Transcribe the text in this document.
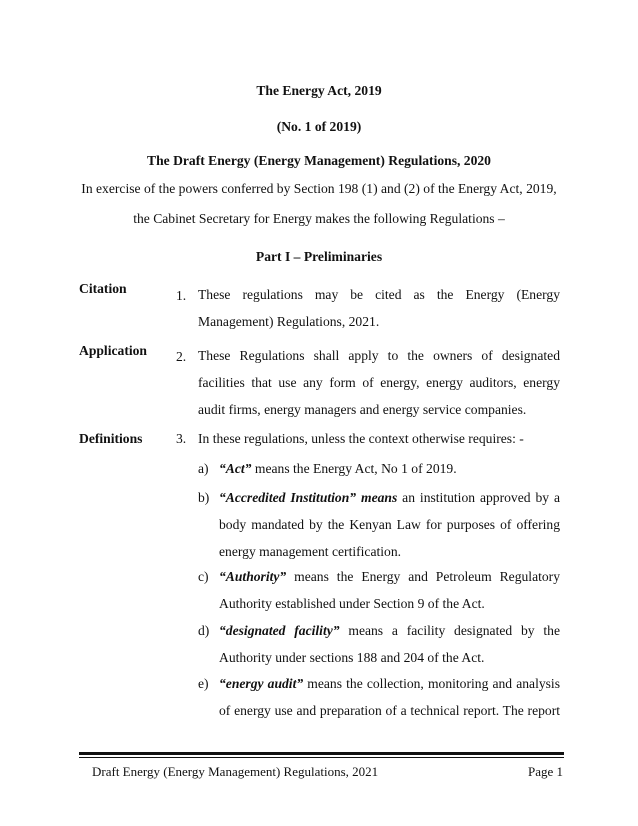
The Energy Act, 2019
(No. 1 of 2019)
The Draft Energy (Energy Management) Regulations, 2020
In exercise of the powers conferred by Section 198 (1) and (2) of the Energy Act, 2019,
the Cabinet Secretary for Energy makes the following Regulations –
Part I – Preliminaries
Citation	1. These regulations may be cited as the Energy (Energy Management) Regulations, 2021.
Application 2. These Regulations shall apply to the owners of designated facilities that use any form of energy, energy auditors, energy audit firms, energy managers and energy service companies.
Definitions 3. In these regulations, unless the context otherwise requires: -
a) “Act” means the Energy Act, No 1 of 2019.
b) “Accredited Institution” means an institution approved by a body mandated by the Kenyan Law for purposes of offering energy management certification.
c) “Authority” means the Energy and Petroleum Regulatory Authority established under Section 9 of the Act.
d) “designated facility” means a facility designated by the Authority under sections 188 and 204 of the Act.
e) “energy audit” means the collection, monitoring and analysis of energy use and preparation of a technical report. The report
Draft Energy (Energy Management) Regulations, 2021	Page 1
